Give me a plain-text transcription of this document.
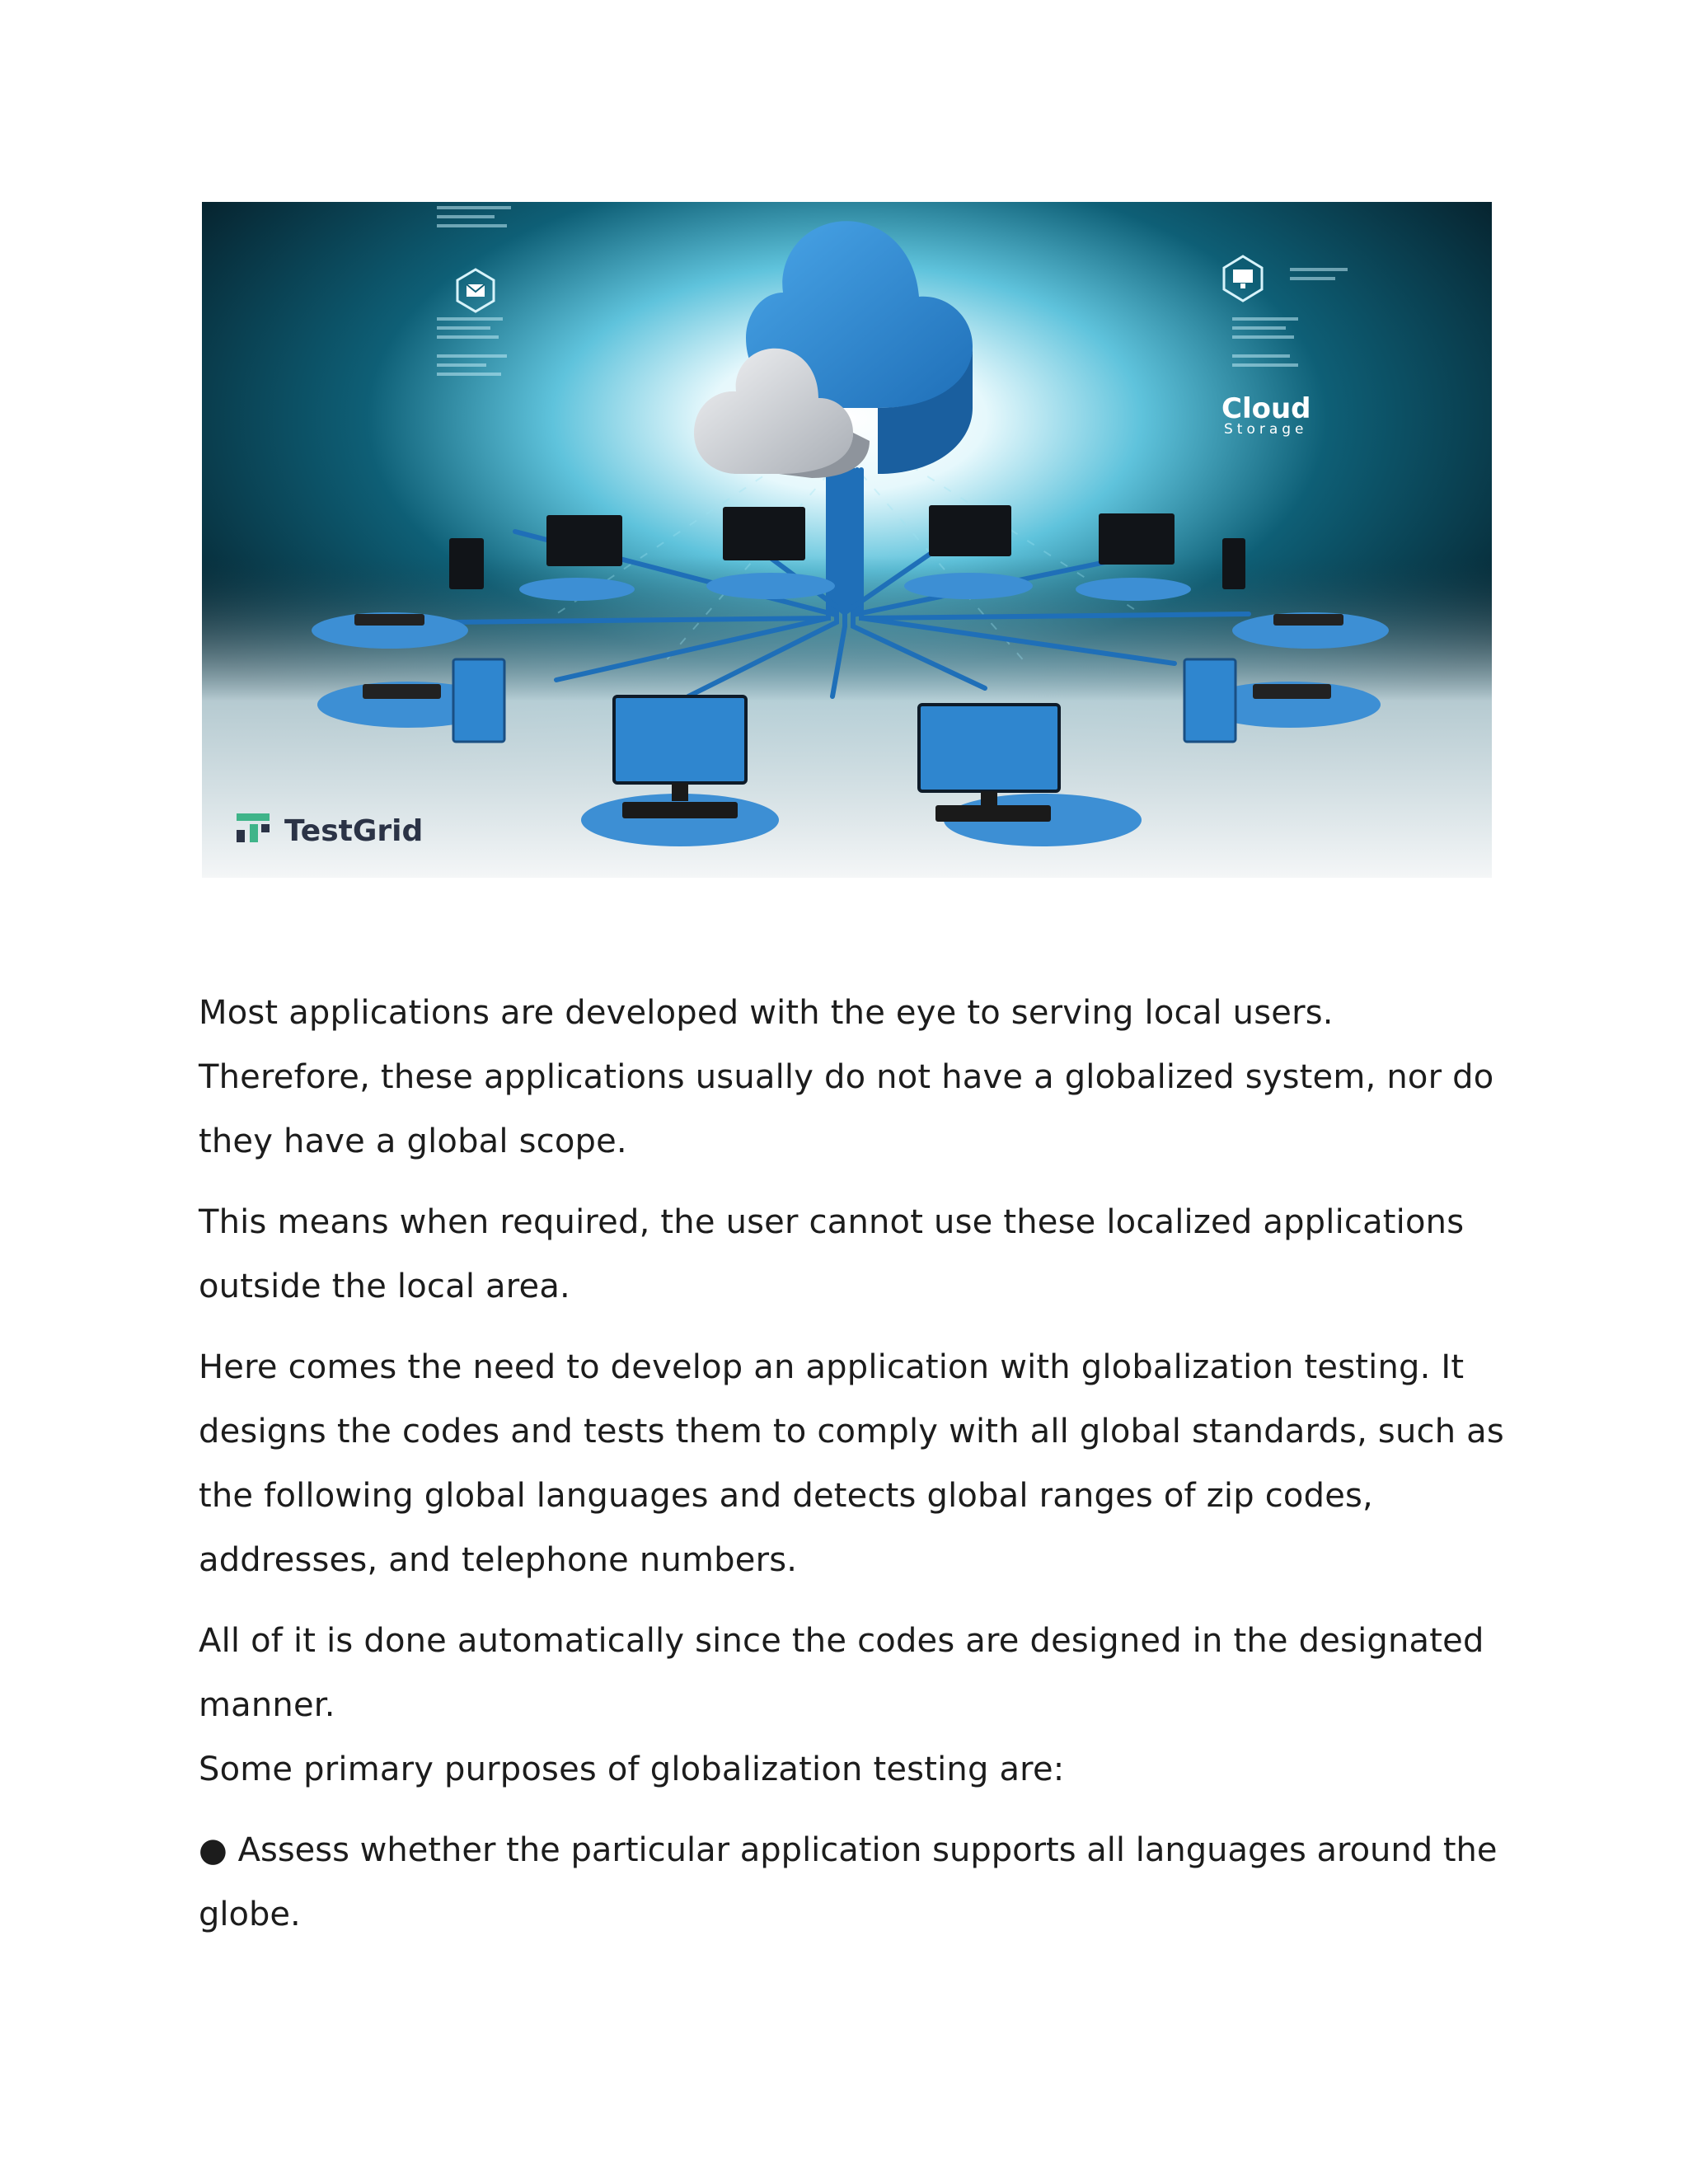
Cloud
Storage
TestGrid

Most applications are developed with the eye to serving local users. Therefore, these applications usually do not have a globalized system, nor do they have a global scope.

This means when required, the user cannot use these localized applications outside the local area.

Here comes the need to develop an application with globalization testing. It designs the codes and tests them to comply with all global standards, such as the following global languages and detects global ranges of zip codes, addresses, and telephone numbers.

All of it is done automatically since the codes are designed in the designated manner.

Some primary purposes of globalization testing are:

● Assess whether the particular application supports all languages around the globe.
